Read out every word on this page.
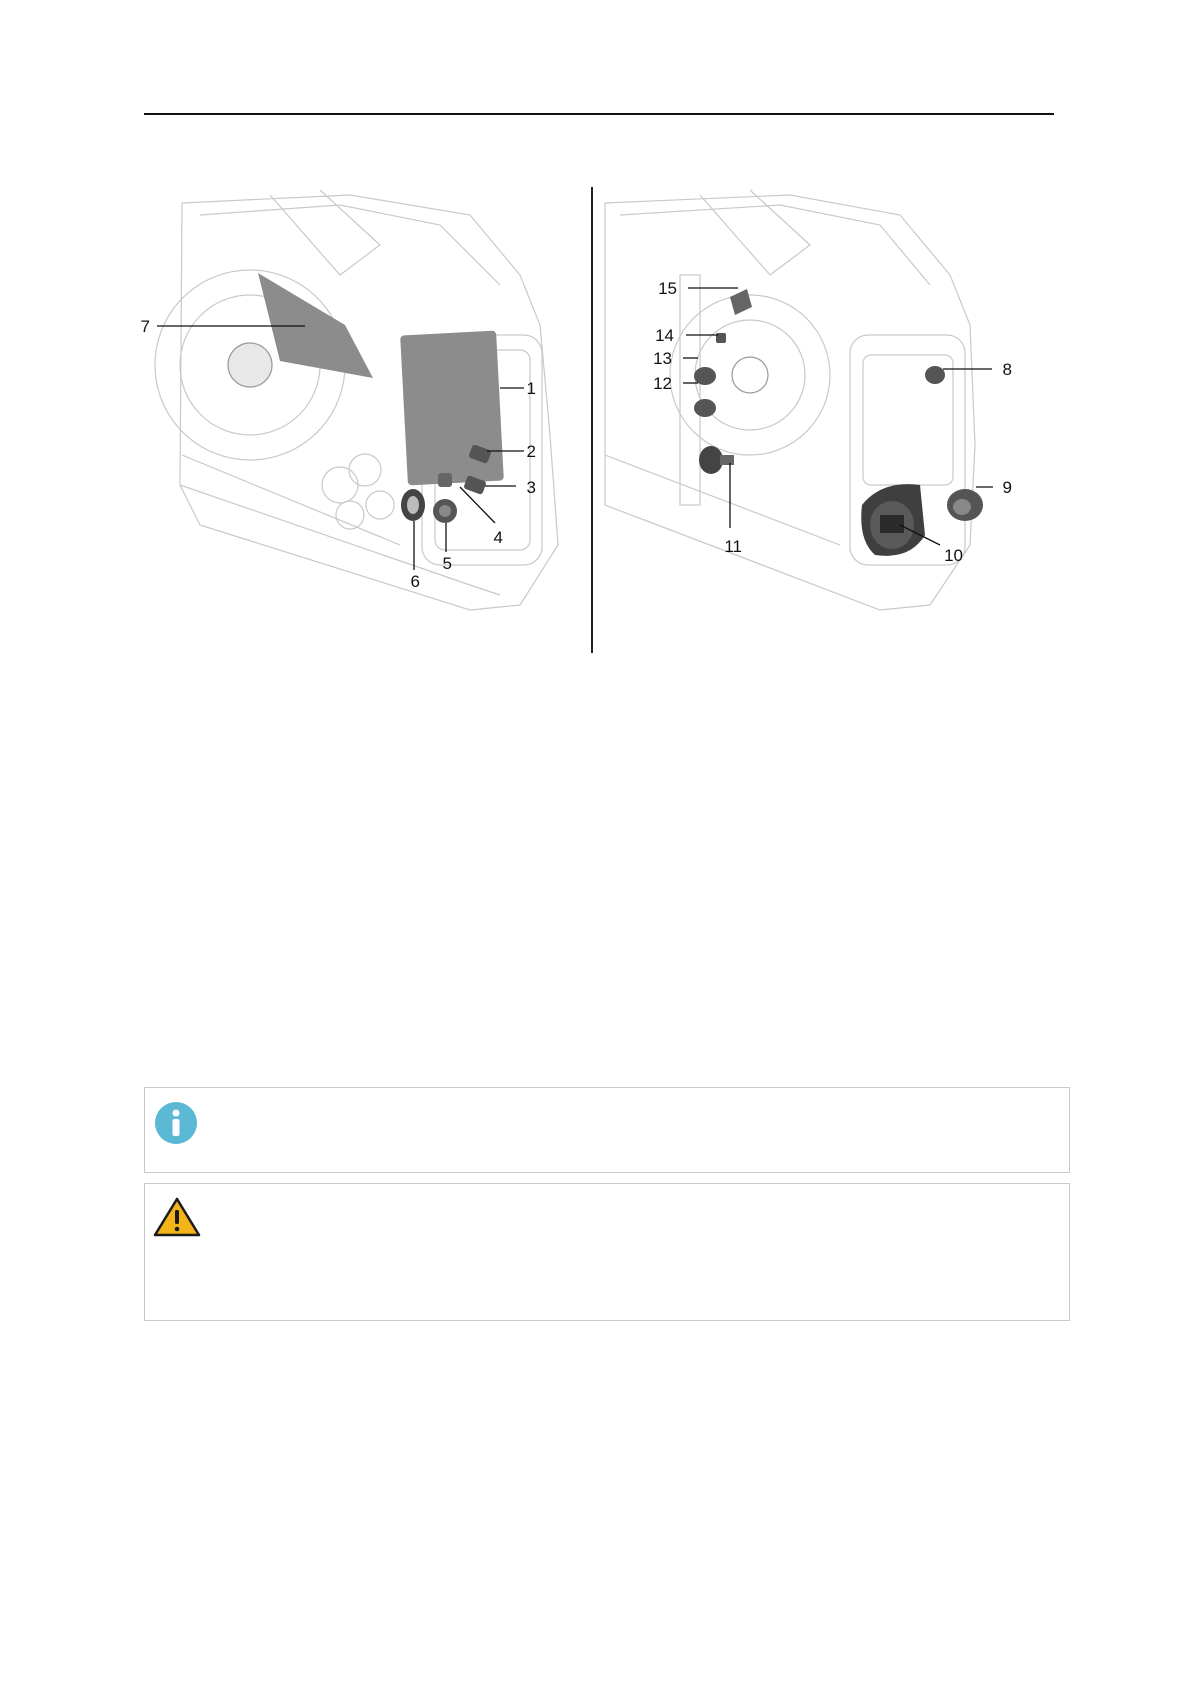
7
1
2
3
4
5
6
15
14
13
12
11
8
9
10
